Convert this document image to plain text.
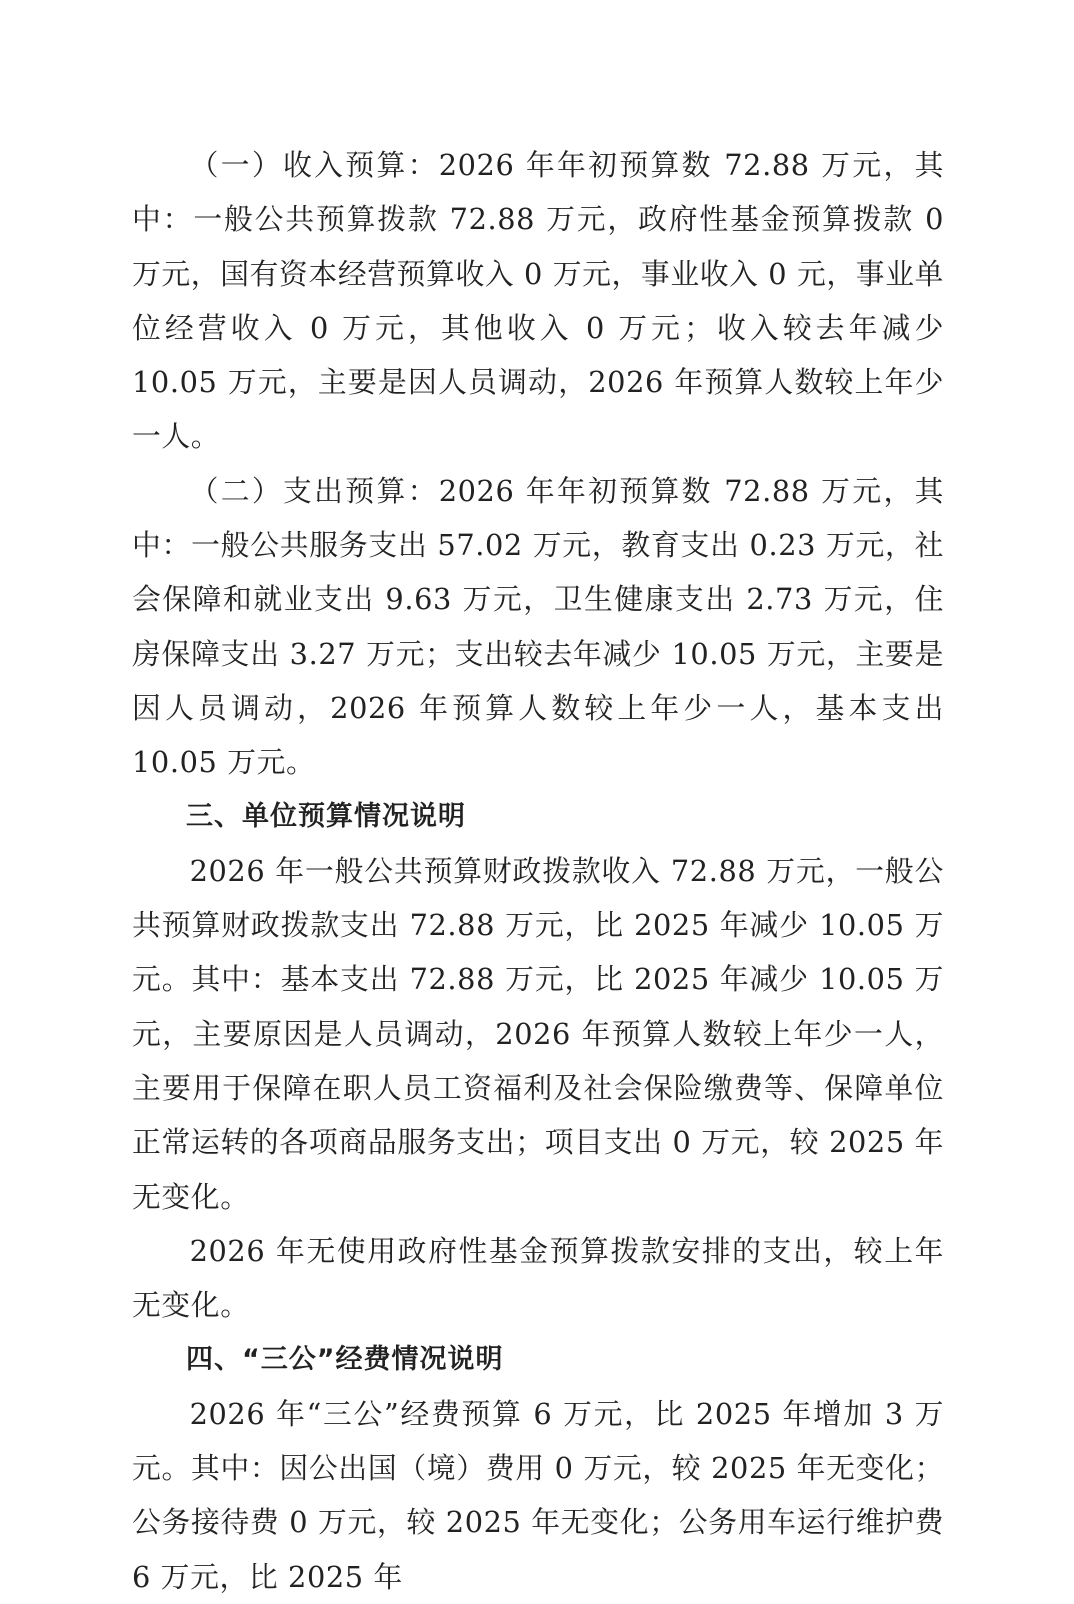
（一）收入预算：2026 年年初预算数 72.88 万元，其中：一般公共预算拨款 72.88 万元，政府性基金预算拨款 0 万元，国有资本经营预算收入 0 万元，事业收入 0 元，事业单位经营收入 0 万元，其他收入 0 万元；收入较去年减少 10.05 万元，主要是因人员调动，2026 年预算人数较上年少一人。

（二）支出预算：2026 年年初预算数 72.88 万元，其中：一般公共服务支出 57.02 万元，教育支出 0.23 万元，社会保障和就业支出 9.63 万元，卫生健康支出 2.73 万元，住房保障支出 3.27 万元；支出较去年减少 10.05 万元，主要是因人员调动，2026 年预算人数较上年少一人，基本支出 10.05 万元。

三、单位预算情况说明

2026 年一般公共预算财政拨款收入 72.88 万元，一般公共预算财政拨款支出 72.88 万元，比 2025 年减少 10.05 万元。其中：基本支出 72.88 万元，比 2025 年减少 10.05 万元，主要原因是人员调动，2026 年预算人数较上年少一人，主要用于保障在职人员工资福利及社会保险缴费等、保障单位正常运转的各项商品服务支出；项目支出 0 万元，较 2025 年无变化。

2026 年无使用政府性基金预算拨款安排的支出，较上年无变化。

四、“三公”经费情况说明

2026 年“三公”经费预算 6 万元，比 2025 年增加 3 万元。其中：因公出国（境）费用 0 万元，较 2025 年无变化；公务接待费 0 万元，较 2025 年无变化；公务用车运行维护费 6 万元，比 2025 年
